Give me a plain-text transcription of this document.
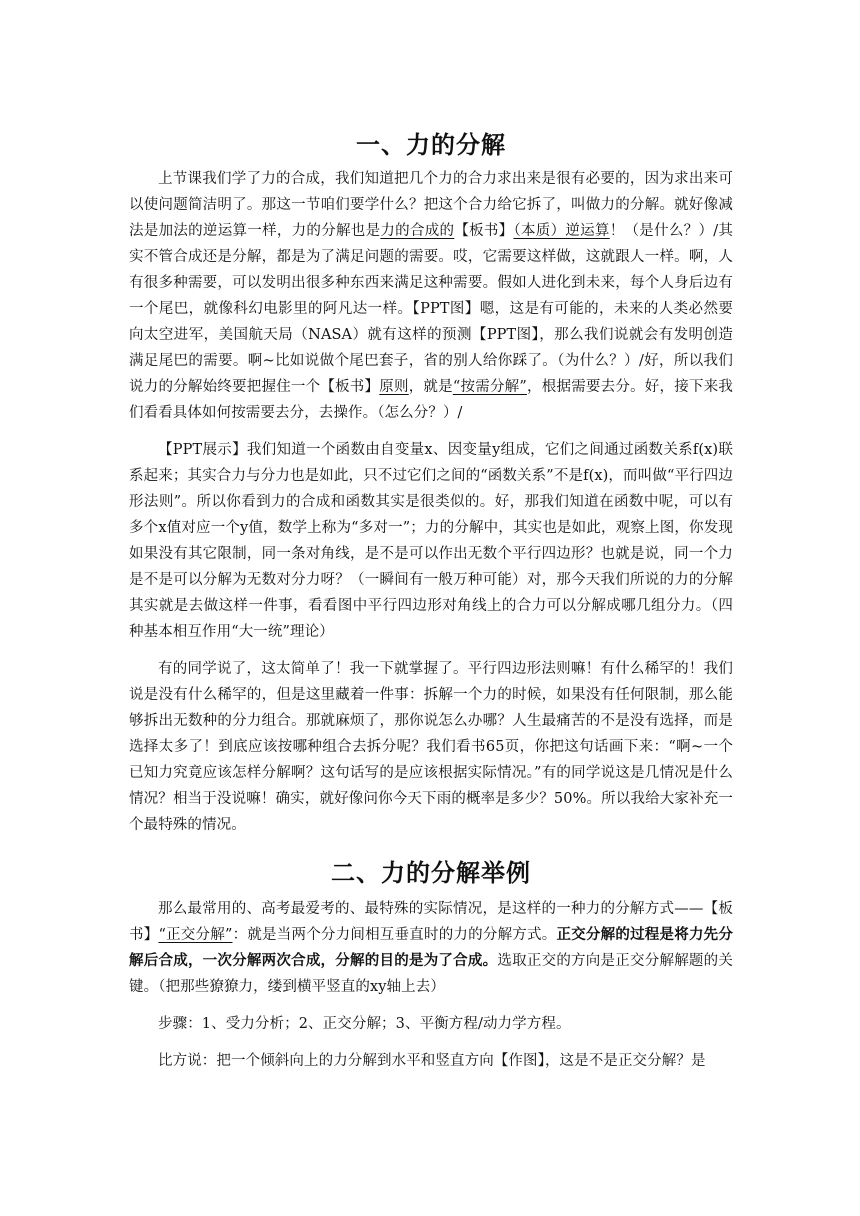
一、力的分解

上节课我们学了力的合成，我们知道把几个力的合力求出来是很有必要的，因为求出来可以使问题简洁明了。那这一节咱们要学什么？把这个合力给它拆了，叫做力的分解。就好像减法是加法的逆运算一样，力的分解也是力的合成的【板书】（本质）逆运算！（是什么？）/其实不管合成还是分解，都是为了满足问题的需要。哎，它需要这样做，这就跟人一样。啊，人有很多种需要，可以发明出很多种东西来满足这种需要。假如人进化到未来，每个人身后边有一个尾巴，就像科幻电影里的阿凡达一样。【PPT图】嗯，这是有可能的，未来的人类必然要向太空进军，美国航天局（NASA）就有这样的预测【PPT图】，那么我们说就会有发明创造满足尾巴的需要。啊~比如说做个尾巴套子，省的别人给你踩了。（为什么？）/好，所以我们说力的分解始终要把握住一个【板书】原则，就是“按需分解”，根据需要去分。好，接下来我们看看具体如何按需要去分，去操作。（怎么分？）/

【PPT展示】我们知道一个函数由自变量x、因变量y组成，它们之间通过函数关系f(x)联系起来；其实合力与分力也是如此，只不过它们之间的“函数关系”不是f(x)，而叫做“平行四边形法则”。所以你看到力的合成和函数其实是很类似的。好，那我们知道在函数中呢，可以有多个x值对应一个y值，数学上称为“多对一”；力的分解中，其实也是如此，观察上图，你发现如果没有其它限制，同一条对角线，是不是可以作出无数个平行四边形？也就是说，同一个力是不是可以分解为无数对分力呀？（一瞬间有一般万种可能）对，那今天我们所说的力的分解其实就是去做这样一件事，看看图中平行四边形对角线上的合力可以分解成哪几组分力。（四种基本相互作用“大一统”理论）

有的同学说了，这太简单了！我一下就掌握了。平行四边形法则嘛！有什么稀罕的！我们说是没有什么稀罕的，但是这里藏着一件事：拆解一个力的时候，如果没有任何限制，那么能够拆出无数种的分力组合。那就麻烦了，那你说怎么办哪？人生最痛苦的不是没有选择，而是选择太多了！到底应该按哪种组合去拆分呢？我们看书65页，你把这句话画下来：“啊~一个已知力究竟应该怎样分解啊？这句话写的是应该根据实际情况。”有的同学说这是几情况是什么情况？相当于没说嘛！确实，就好像问你今天下雨的概率是多少？50%。所以我给大家补充一个最特殊的情况。

二、力的分解举例

那么最常用的、高考最爱考的、最特殊的实际情况，是这样的一种力的分解方式——【板书】“正交分解”：就是当两个分力间相互垂直时的力的分解方式。正交分解的过程是将力先分解后合成，一次分解两次合成，分解的目的是为了合成。选取正交的方向是正交分解解题的关键。（把那些獠獠力，缕到横平竖直的xy轴上去）

步骤：1、受力分析；2、正交分解；3、平衡方程/动力学方程。

比方说：把一个倾斜向上的力分解到水平和竖直方向【作图】，这是不是正交分解？是
